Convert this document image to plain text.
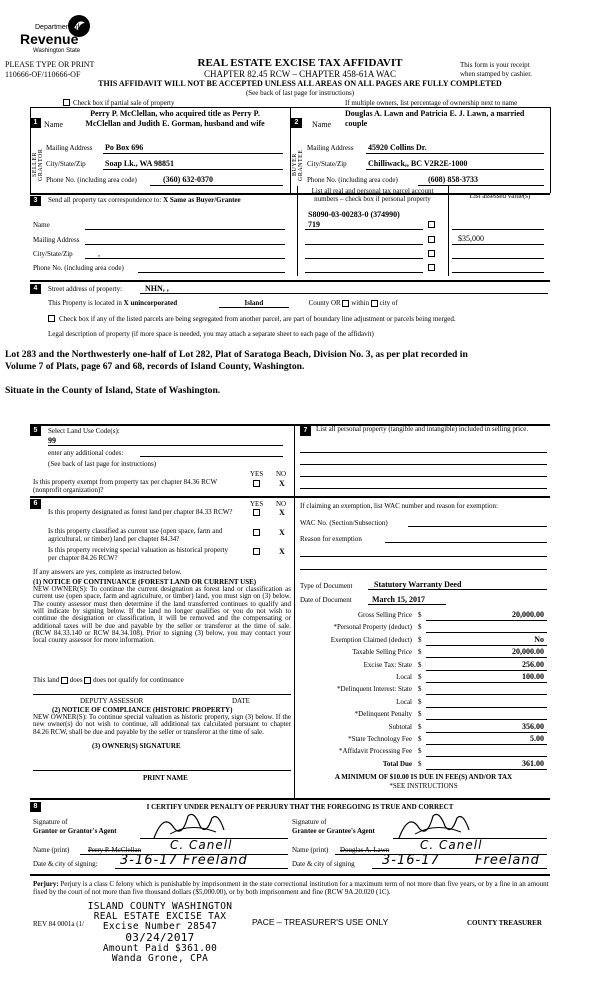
Department of
Revenue
Washington State
PLEASE TYPE OR PRINT
110666-OF/110666-OF
REAL ESTATE EXCISE TAX AFFIDAVIT
CHAPTER 82.45 RCW – CHAPTER 458-61A WAC
THIS AFFIDAVIT WILL NOT BE ACCEPTED UNLESS ALL AREAS ON ALL PAGES ARE FULLY COMPLETED
(See back of last page for instructions)
This form is your receipt
when stamped by cashier.
Check box if partial sale of property	If multiple owners, list percentage of ownership next to name
1
SELLER GRANTOR
Name
Perry P. McClellan, who acquired title as Perry P.
McClellan and Judith E. Gorman, husband and wife
Mailing Address Po Box 696
City/State/Zip Soap Lk., WA 98851
Phone No. (including area code)	(360) 632-0370
2
BUYER GRANTEE
Name
Douglas A. Lawn and Patricia E. J. Lawn, a married
couple
Mailing Address 45920 Collins Dr.
City/State/Zip	Chilliwack,, BC V2R2E-1000
Phone No. (including area code)	(608) 858-3733
3	Send all property tax correspondence to: X Same as Buyer/Grantee
List all real and personal tax parcel account numbers – check box if personal property	List assessed value(s)
S8090-03-00283-0 (374990)
719
$35,000
Name
Mailing Address
City/State/Zip	,
Phone No. (including area code)
4	Street address of property:	NHN, ,
This Property is located in X unincorporated	Island	County OR within city of
Check box if any of the listed parcels are being segregated from another parcel, are part of boundary line adjustment or parcels being merged.
Legal description of property (if more space is needed, you may attach a separate sheet to each page of the affidavit)
Lot 283 and the Northwesterly one-half of Lot 282, Plat of Saratoga Beach, Division No. 3, as per plat recorded in
Volume 7 of Plats, page 67 and 68, records of Island County, Washington.
Situate in the County of Island, State of Washington.
5	Select Land Use Code(s):
99
enter any additional codes:
(See back of last page for instructions)
YES NO
Is this property exempt from property tax per chapter 84.36 RCW (nonprofit organization)?
X
6	YES NO
Is this property designated as forest land per chapter 84.33 RCW?	X
Is this property classified as current use (open space, farm and agricultural, or timber) land per chapter 84.34?
X
Is this property receiving special valuation as historical property per chapter 84.26 RCW?
X
If any answers are yes, complete as instructed below.
(1) NOTICE OF CONTINUANCE (FOREST LAND OR CURRENT USE)
NEW OWNER(S): To continue the current designation as forest land or classification as current use (open space, farm and agriculture, or timber) land, you must sign on (3) below. The county assessor must then determine if the land transferred continues to qualify and will indicate by signing below. If the land no longer qualifies or you do not wish to continue the designation or classification, it will be removed and the compensating or additional taxes will be due and payable by the seller or transferor at the time of sale. (RCW 84.33.140 or RCW 84.34.108). Prior to signing (3) below, you may contact your local county assessor for more information.
This land does does not qualify for continuance
DEPUTY ASSESSOR	DATE
(2) NOTICE OF COMPLIANCE (HISTORIC PROPERTY)
NEW OWNER(S): To continue special valuation as historic property, sign (3) below. If the new owner(s) do not wish to continue, all additional tax calculated pursuant to chapter 84.26 RCW, shall be due and payable by the seller or transferor at the time of sale.
(3) OWNER(S) SIGNATURE
PRINT NAME
7	List all personal property (tangible and intangible) included in selling price.
If claiming an exemption, list WAC number and reason for exemption:
WAC No. (Section/Subsection)
Reason for exemption
Type of Document	Statutory Warranty Deed
Date of Document	March 15, 2017
Gross Selling Price $	20,000.00
*Personal Property (deduct) $
Exemption Claimed (deduct) $	No
Taxable Selling Price $	20,000.00
Excise Tax: State $	256.00
Local $	100.00
*Delinquent Interest: State $
Local $
*Delinquent Penalty $
Subtotal $	356.00
*State Technology Fee $	5.00
*Affidavit Processing Fee $
Total Due $	361.00
A MINIMUM OF $10.00 IS DUE IN FEE(S) AND/OR TAX
*SEE INSTRUCTIONS
8	I CERTIFY UNDER PENALTY OF PERJURY THAT THE FOREGOING IS TRUE AND CORRECT
Signature of
Grantor or Grantor's Agent
Signature of
Grantee or Grantee's Agent
Name (print)	Perry P. McClellan C. Canell	Name (print) Douglas A. Lawn	C. Canell
Date & city of signing: 3-16-17 Freeland	Date & city of signing 3-16-17	Freeland
Perjury: Perjury is a class C felony which is punishable by imprisonment in the state correctional institution for a maximum term of not more than five years, or by a fine in an amount fixed by the court of not more than five thousand dollars ($5,000.00), or by both imprisonment and fine (RCW 9A.20.020 (1C).
REV 84 0001a (1/	PACE – TREASURER'S USE ONLY	COUNTY TREASURER
ISLAND COUNTY WASHINGTON
REAL ESTATE EXCISE TAX
Excise Number 28547
03/24/2017
Amount Paid $361.00
Wanda Grone, CPA
